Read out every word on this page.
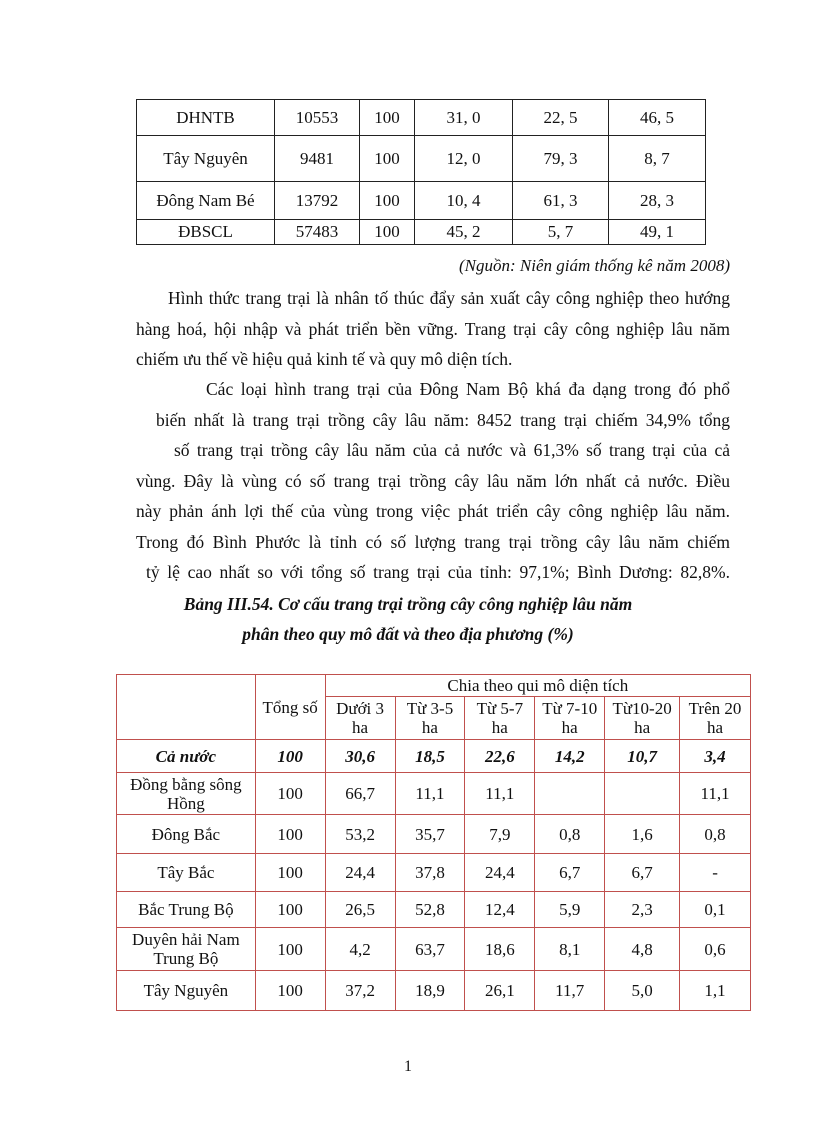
DHNTB	10553	100	31, 0	22, 5	46, 5
Tây Nguyên	9481	100	12, 0	79, 3	8, 7
Đông Nam Bé	13792	100	10, 4	61, 3	28, 3
ĐBSCL	57483	100	45, 2	5, 7	49, 1
(Nguồn: Niên giám thống kê năm 2008)

Hình thức trang trại là nhân tố thúc đẩy sản xuất cây công nghiệp theo hướng hàng hoá, hội nhập và phát triển bền vững. Trang trại cây công nghiệp lâu năm chiếm ưu thế về hiệu quả kinh tế và quy mô diện tích.

Các loại hình trang trại của Đông Nam Bộ khá đa dạng trong đó phổ
biến nhất là trang trại trồng cây lâu năm: 8452 trang trại chiếm 34,9% tổng
số trang trại trồng cây lâu năm của cả nước và 61,3% số trang trại của cả
vùng. Đây là vùng có số trang trại trồng cây lâu năm lớn nhất cả nước. Điều
này phản ánh lợi thế của vùng trong việc phát triển cây công nghiệp lâu năm.
Trong đó Bình Phước là tỉnh có số lượng trang trại trồng cây lâu năm chiếm
tỷ lệ cao nhất so với tổng số trang trại của tỉnh: 97,1%; Bình Dương: 82,8%.
Bảng III.54. Cơ cấu trang trại trồng cây công nghiệp lâu năm
phân theo quy mô đất và theo địa phương (%)
	Tổng số	Chia theo qui mô diện tích					
		Dưới 3 ha	Từ 3-5 ha	Từ 5-7 ha	Từ 7-10 ha	Từ10-20 ha	Trên 20 ha
Cả nước	100	30,6	18,5	22,6	14,2	10,7	3,4
Đồng bằng sông Hồng	100	66,7	11,1	11,1			11,1
Đông Bắc	100	53,2	35,7	7,9	0,8	1,6	0,8
Tây Bắc	100	24,4	37,8	24,4	6,7	6,7	-
Bắc Trung Bộ	100	26,5	52,8	12,4	5,9	2,3	0,1
Duyên hải Nam Trung Bộ	100	4,2	63,7	18,6	8,1	4,8	0,6
Tây Nguyên	100	37,2	18,9	26,1	11,7	5,0	1,1
1
